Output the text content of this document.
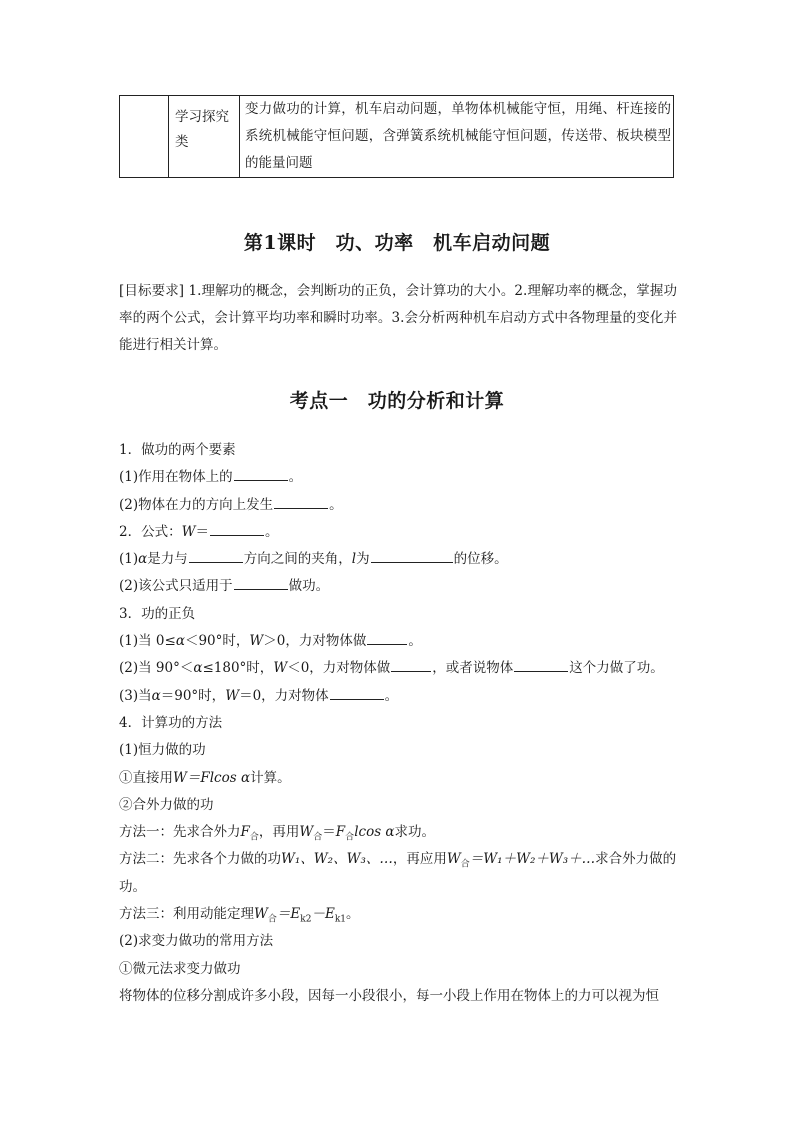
学习探究类
变力做功的计算，机车启动问题，单物体机械能守恒，用绳、杆连接的系统机械能守恒问题，含弹簧系统机械能守恒问题，传送带、板块模型的能量问题
第1课时　功、功率　机车启动问题
[目标要求] 1.理解功的概念，会判断功的正负，会计算功的大小。2.理解功率的概念，掌握功率的两个公式，会计算平均功率和瞬时功率。3.会分析两种机车启动方式中各物理量的变化并能进行相关计算。
考点一　功的分析和计算
1．做功的两个要素
(1)作用在物体上的	。
(2)物体在力的方向上发生	。
2．公式：W＝	。
(1)α是力与	方向之间的夹角，l为	的位移。
(2)该公式只适用于	做功。
3．功的正负
(1)当 0≤α＜90°时，W＞0，力对物体做	。
(2)当 90°＜α≤180°时，W＜0，力对物体做	，或者说物体	这个力做了功。
(3)当α＝90°时，W＝0，力对物体	。
4．计算功的方法
(1)恒力做的功
①直接用W＝Flcos α计算。
②合外力做的功
方法一：先求合外力$F_合$，再用$W_合=F_合lcos$ α求功。
方法二：先求各个力做的功W₁、W₂、W₃、…，再应用$W_合=W_1+W_2+W_3+\dots$求合外力做的功。
方法三：利用动能定理$W_合=E_{k2}-E_{k1}$。
(2)求变力做功的常用方法
①微元法求变力做功
将物体的位移分割成许多小段，因每一小段很小，每一小段上作用在物体上的力可以视为恒
